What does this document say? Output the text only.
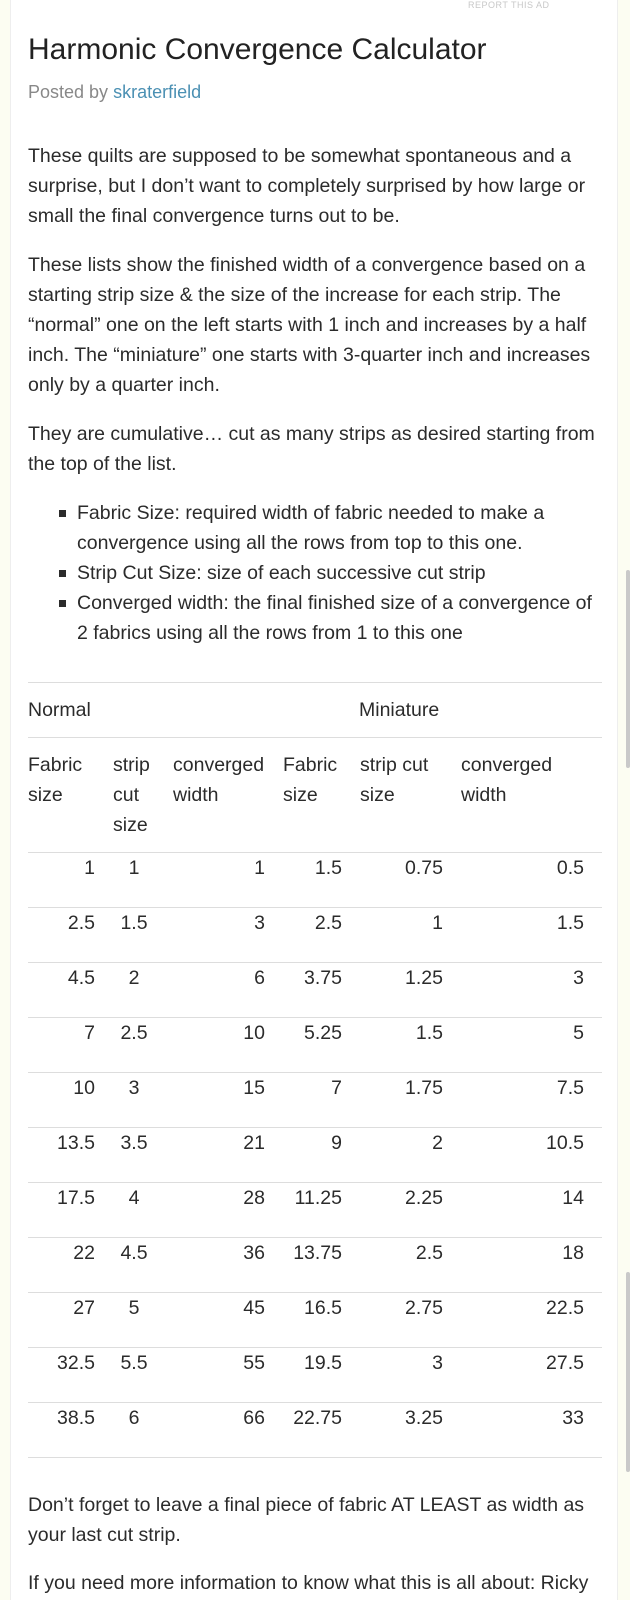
REPORT THIS AD
Harmonic Convergence Calculator
Posted by skraterfield

These quilts are supposed to be somewhat spontaneous and a surprise, but I don’t want to completely surprised by how large or small the final convergence turns out to be.

These lists show the finished width of a convergence based on a starting strip size & the size of the increase for each strip. The “normal” one on the left starts with 1 inch and increases by a half inch. The “miniature” one starts with 3-quarter inch and increases only by a quarter inch.

They are cumulative… cut as many strips as desired starting from the top of the list.

Fabric Size: required width of fabric needed to make a convergence using all the rows from top to this one.
Strip Cut Size: size of each successive cut strip
Converged width: the final finished size of a convergence of 2 fabrics using all the rows from 1 to this one
Normal			Miniature		
Fabric size	strip cut size	converged width	Fabric size	strip cut size	converged width
1	1	1	1.5	0.75	0.5
2.5	1.5	3	2.5	1	1.5
4.5	2	6	3.75	1.25	3
7	2.5	10	5.25	1.5	5
10	3	15	7	1.75	7.5
13.5	3.5	21	9	2	10.5
17.5	4	28	11.25	2.25	14
22	4.5	36	13.75	2.5	18
27	5	45	16.5	2.75	22.5
32.5	5.5	55	19.5	3	27.5
38.5	6	66	22.75	3.25	33

Don’t forget to leave a final piece of fabric AT LEAST as width as your last cut strip.

If you need more information to know what this is all about: Ricky
